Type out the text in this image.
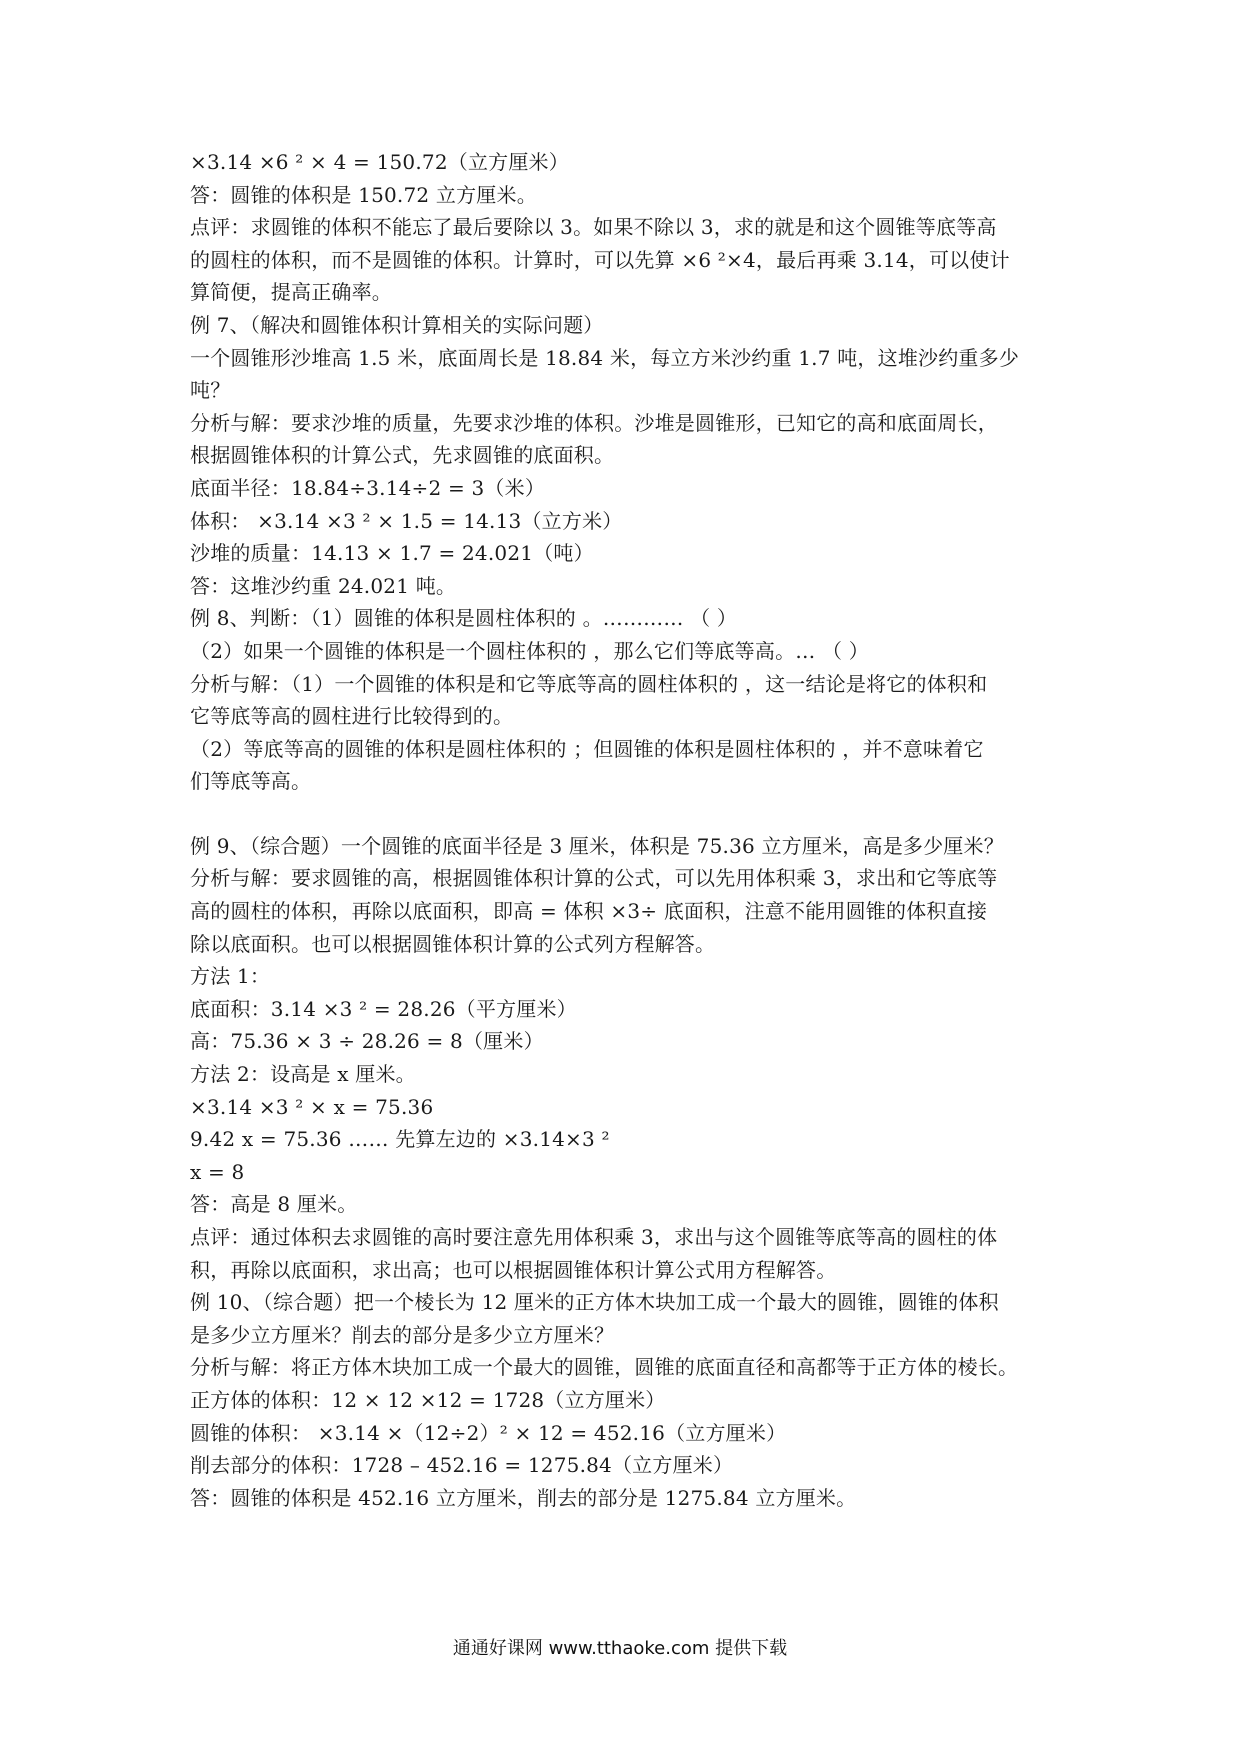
×3.14 ×6 ² × 4 = 150.72（立方厘米）
答：圆锥的体积是 150.72 立方厘米。
点评：求圆锥的体积不能忘了最后要除以 3。如果不除以 3，求的就是和这个圆锥等底等高
的圆柱的体积，而不是圆锥的体积。计算时，可以先算 ×6 ²×4，最后再乘 3.14，可以使计
算简便，提高正确率。
例 7、（解决和圆锥体积计算相关的实际问题）
一个圆锥形沙堆高 1.5 米，底面周长是 18.84 米，每立方米沙约重 1.7 吨，这堆沙约重多少
吨？
分析与解：要求沙堆的质量，先要求沙堆的体积。沙堆是圆锥形，已知它的高和底面周长，
根据圆锥体积的计算公式，先求圆锥的底面积。
底面半径：18.84÷3.14÷2 = 3（米）
体积： ×3.14 ×3 ² × 1.5 = 14.13（立方米）
沙堆的质量：14.13 × 1.7 = 24.021（吨）
答：这堆沙约重 24.021 吨。
例 8、判断：（1）圆锥的体积是圆柱体积的 。………… （ ）
（2）如果一个圆锥的体积是一个圆柱体积的 ，那么它们等底等高。… （ ）
分析与解：（1）一个圆锥的体积是和它等底等高的圆柱体积的 ，这一结论是将它的体积和
它等底等高的圆柱进行比较得到的。
（2）等底等高的圆锥的体积是圆柱体积的 ；但圆锥的体积是圆柱体积的 ，并不意味着它
们等底等高。
例 9、（综合题）一个圆锥的底面半径是 3 厘米，体积是 75.36 立方厘米，高是多少厘米？
分析与解：要求圆锥的高，根据圆锥体积计算的公式，可以先用体积乘 3，求出和它等底等
高的圆柱的体积，再除以底面积，即高 = 体积 ×3÷ 底面积，注意不能用圆锥的体积直接
除以底面积。也可以根据圆锥体积计算的公式列方程解答。
方法 1：
底面积：3.14 ×3 ² = 28.26（平方厘米）
高：75.36 × 3 ÷ 28.26 = 8（厘米）
方法 2：设高是 x 厘米。
×3.14 ×3 ² × x = 75.36
9.42 x = 75.36 …… 先算左边的 ×3.14×3 ²
x = 8
答：高是 8 厘米。
点评：通过体积去求圆锥的高时要注意先用体积乘 3，求出与这个圆锥等底等高的圆柱的体
积，再除以底面积，求出高；也可以根据圆锥体积计算公式用方程解答。
例 10、（综合题）把一个棱长为 12 厘米的正方体木块加工成一个最大的圆锥，圆锥的体积
是多少立方厘米？削去的部分是多少立方厘米？
分析与解：将正方体木块加工成一个最大的圆锥，圆锥的底面直径和高都等于正方体的棱长。
正方体的体积：12 × 12 ×12 = 1728（立方厘米）
圆锥的体积： ×3.14 ×（12÷2）² × 12 = 452.16（立方厘米）
削去部分的体积：1728 – 452.16 = 1275.84（立方厘米）
答：圆锥的体积是 452.16 立方厘米，削去的部分是 1275.84 立方厘米。
通通好课网 www.tthaoke.com 提供下载
